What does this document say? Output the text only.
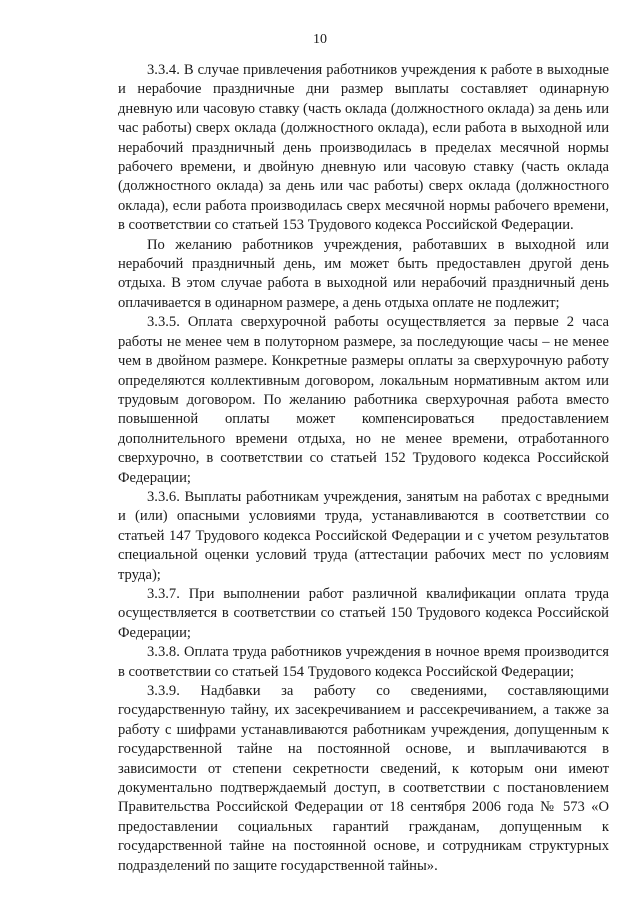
10

3.3.4. В случае привлечения работников учреждения к работе в выходные и нерабочие праздничные дни размер выплаты составляет одинарную дневную или часовую ставку (часть оклада (должностного оклада) за день или час работы) сверх оклада (должностного оклада), если работа в выходной или нерабочий праздничный день производилась в пределах месячной нормы рабочего времени, и двойную дневную или часовую ставку (часть оклада (должностного оклада) за день или час работы) сверх оклада (должностного оклада), если работа производилась сверх месячной нормы рабочего времени, в соответствии со статьей 153 Трудового кодекса Российской Федерации.

По желанию работников учреждения, работавших в выходной или нерабочий праздничный день, им может быть предоставлен другой день отдыха. В этом случае работа в выходной или нерабочий праздничный день оплачивается в одинарном размере, а день отдыха оплате не подлежит;

3.3.5. Оплата сверхурочной работы осуществляется за первые 2 часа работы не менее чем в полуторном размере, за последующие часы – не менее чем в двойном размере. Конкретные размеры оплаты за сверхурочную работу определяются коллективным договором, локальным нормативным актом или трудовым договором. По желанию работника сверхурочная работа вместо повышенной оплаты может компенсироваться предоставлением дополнительного времени отдыха, но не менее времени, отработанного сверхурочно, в соответствии со статьей 152 Трудового кодекса Российской Федерации;

3.3.6. Выплаты работникам учреждения, занятым на работах с вредными и (или) опасными условиями труда, устанавливаются в соответствии со статьей 147 Трудового кодекса Российской Федерации и с учетом результатов специальной оценки условий труда (аттестации рабочих мест по условиям труда);

3.3.7. При выполнении работ различной квалификации оплата труда осуществляется в соответствии со статьей 150 Трудового кодекса Российской Федерации;

3.3.8. Оплата труда работников учреждения в ночное время производится в соответствии со статьей 154 Трудового кодекса Российской Федерации;

3.3.9. Надбавки за работу со сведениями, составляющими государственную тайну, их засекречиванием и рассекречиванием, а также за работу с шифрами устанавливаются работникам учреждения, допущенным к государственной тайне на постоянной основе, и выплачиваются в зависимости от степени секретности сведений, к которым они имеют документально подтверждаемый доступ, в соответствии с постановлением Правительства Российской Федерации от 18 сентября 2006 года № 573 «О предоставлении социальных гарантий гражданам, допущенным к государственной тайне на постоянной основе, и сотрудникам структурных подразделений по защите государственной тайны».
